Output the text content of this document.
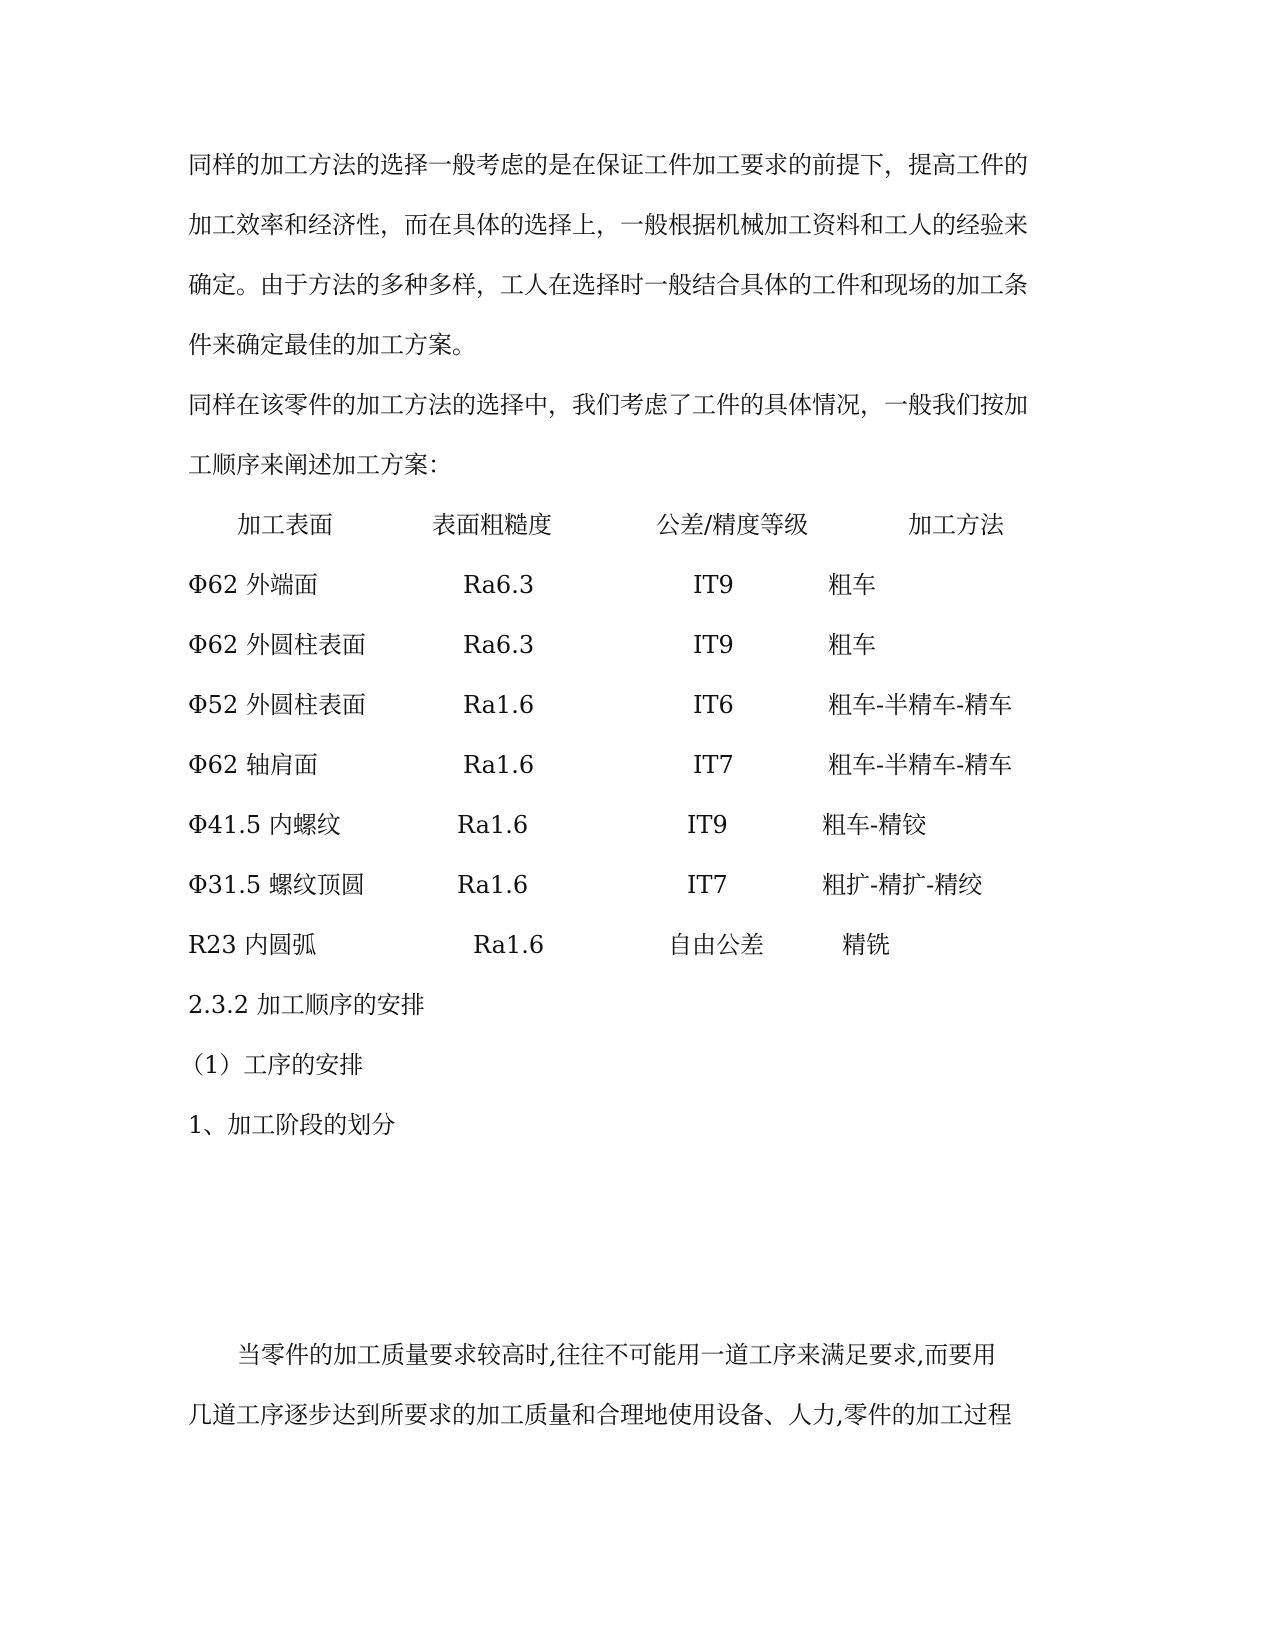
同样的加工方法的选择一般考虑的是在保证工件加工要求的前提下，提高工件的
加工效率和经济性，而在具体的选择上，一般根据机械加工资料和工人的经验来
确定。由于方法的多种多样，工人在选择时一般结合具体的工件和现场的加工条
件来确定最佳的加工方案。
同样在该零件的加工方法的选择中，我们考虑了工件的具体情况，一般我们按加
工顺序来阐述加工方案：
加工表面	表面粗糙度	公差/精度等级	加工方法
Φ62 外端面	Ra6.3	IT9	粗车
Φ62 外圆柱表面	Ra6.3	IT9	粗车
Φ52 外圆柱表面	Ra1.6	IT6	粗车-半精车-精车
Φ62 轴肩面	Ra1.6	IT7	粗车-半精车-精车
Φ41.5 内螺纹	Ra1.6	IT9	粗车-精铰
Φ31.5 螺纹顶圆	Ra1.6	IT7	粗扩-精扩-精绞
R23 内圆弧	Ra1.6	自由公差	精铣
2.3.2 加工顺序的安排
（1）工序的安排
1、加工阶段的划分
当零件的加工质量要求较高时,往往不可能用一道工序来满足要求,而要用
几道工序逐步达到所要求的加工质量和合理地使用设备、人力,零件的加工过程
